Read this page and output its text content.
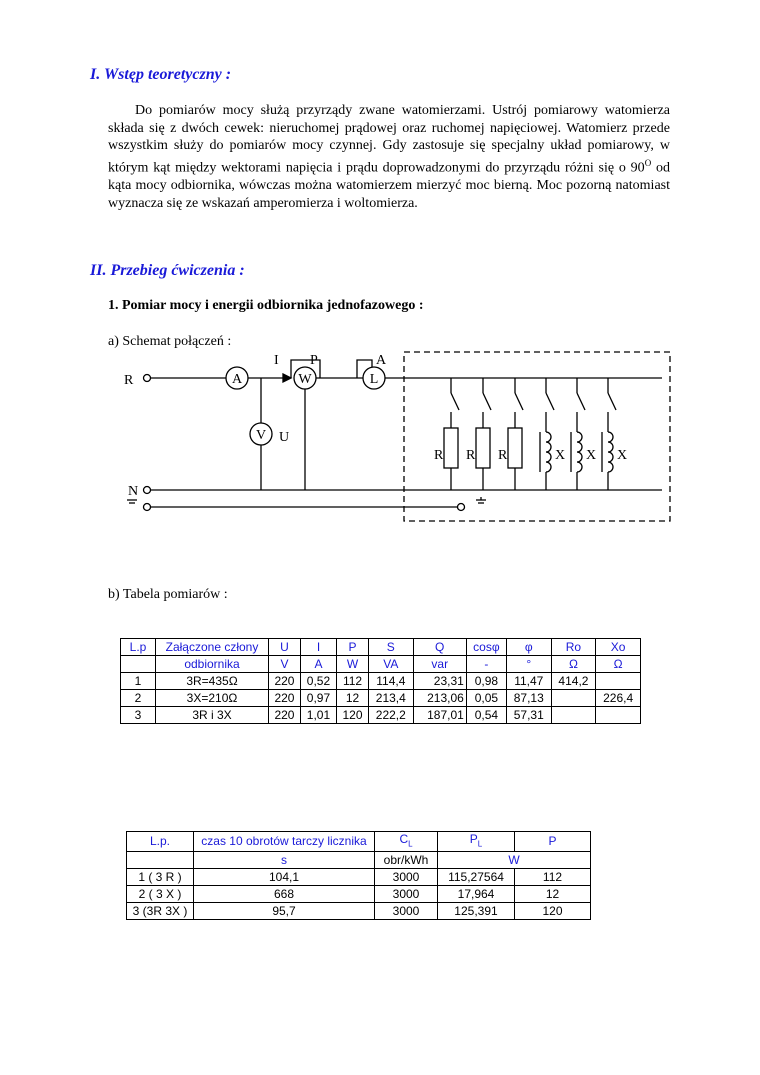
I. Wstęp teoretyczny :
Do pomiarów mocy służą przyrządy zwane watomierzami. Ustrój pomiarowy watomierza składa się z dwóch cewek: nieruchomej prądowej oraz ruchomej napięciowej. Watomierz przede wszystkim służy do pomiarów mocy czynnej. Gdy zastosuje się specjalny układ pomiarowy, w którym kąt między wektorami napięcia i prądu doprowadzonymi do przyrządu różni się o $90^O$ od kąta mocy odbiornika, wówczas można watomierzem mierzyć moc bierną. Moc pozorną natomiast wyznacza się ze wskazań amperomierza i woltomierza.
II. Przebieg ćwiczenia :
1. Pomiar mocy i energii odbiornika jednofazowego :
a) Schemat połączeń :
R
N
I P	A
U
A	W	L
V
R R R	X X X
b) Tabela pomiarów :
L.p	Załączone człony	U	I	P	S	Q	cosφ	φ	Ro	Xo
	odbiornika	V	A	W	VA	var	-	°	Ω	Ω
1	3R=435Ω	220	0,52	112	114,4	23,31	0,98	11,47	414,2	
2	3X=210Ω	220	0,97	12	213,4	213,06	0,05	87,13		226,4
3	3R i 3X	220	1,01	120	222,2	187,01	0,54	57,31		
L.p.	czas 10 obrotów tarczy licznika	$C_L$	$P_L$	P
	s	obr/kWh	W	
1 ( 3 R )	104,1	3000	115,27564	112
2 ( 3 X )	668	3000	17,964	12
3 (3R 3X )	95,7	3000	125,391	120
